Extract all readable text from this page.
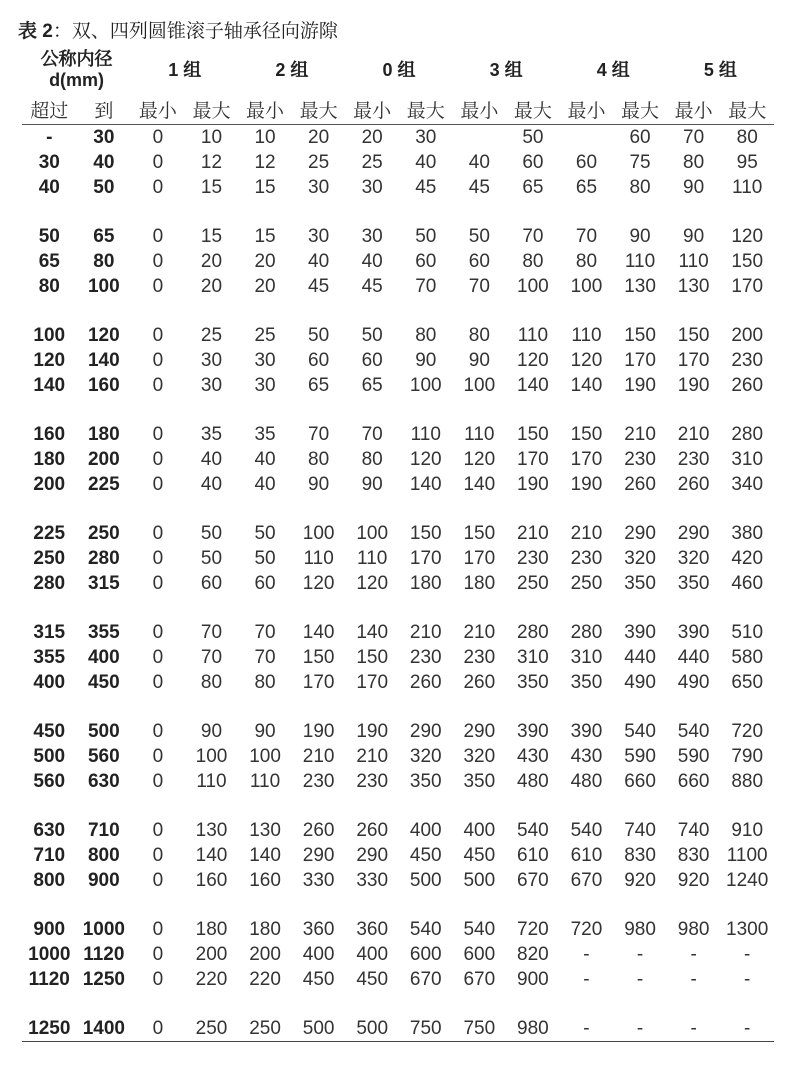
表 2：双、四列圆锥滚子轴承径向游隙
公称内径
d(mm)		1 组		2 组		0 组		3 组		4 组		5 组	
超过	到	最小	最大	最小	最大	最小	最大	最小	最大	最小	最大	最小	最大
-	30	0	10	10	20	20	30		50		60	70	80
30	40	0	12	12	25	25	40	40	60	60	75	80	95
40	50	0	15	15	30	30	45	45	65	65	80	90	110

50	65	0	15	15	30	30	50	50	70	70	90	90	120
65	80	0	20	20	40	40	60	60	80	80	110	110	150
80	100	0	20	20	45	45	70	70	100	100	130	130	170

100	120	0	25	25	50	50	80	80	110	110	150	150	200
120	140	0	30	30	60	60	90	90	120	120	170	170	230
140	160	0	30	30	65	65	100	100	140	140	190	190	260

160	180	0	35	35	70	70	110	110	150	150	210	210	280
180	200	0	40	40	80	80	120	120	170	170	230	230	310
200	225	0	40	40	90	90	140	140	190	190	260	260	340

225	250	0	50	50	100	100	150	150	210	210	290	290	380
250	280	0	50	50	110	110	170	170	230	230	320	320	420
280	315	0	60	60	120	120	180	180	250	250	350	350	460

315	355	0	70	70	140	140	210	210	280	280	390	390	510
355	400	0	70	70	150	150	230	230	310	310	440	440	580
400	450	0	80	80	170	170	260	260	350	350	490	490	650

450	500	0	90	90	190	190	290	290	390	390	540	540	720
500	560	0	100	100	210	210	320	320	430	430	590	590	790
560	630	0	110	110	230	230	350	350	480	480	660	660	880

630	710	0	130	130	260	260	400	400	540	540	740	740	910
710	800	0	140	140	290	290	450	450	610	610	830	830	1100
800	900	0	160	160	330	330	500	500	670	670	920	920	1240

900	1000	0	180	180	360	360	540	540	720	720	980	980	1300
1000	1120	0	200	200	400	400	600	600	820	-	-	-	-
1120	1250	0	220	220	450	450	670	670	900	-	-	-	-

1250	1400	0	250	250	500	500	750	750	980	-	-	-	-
